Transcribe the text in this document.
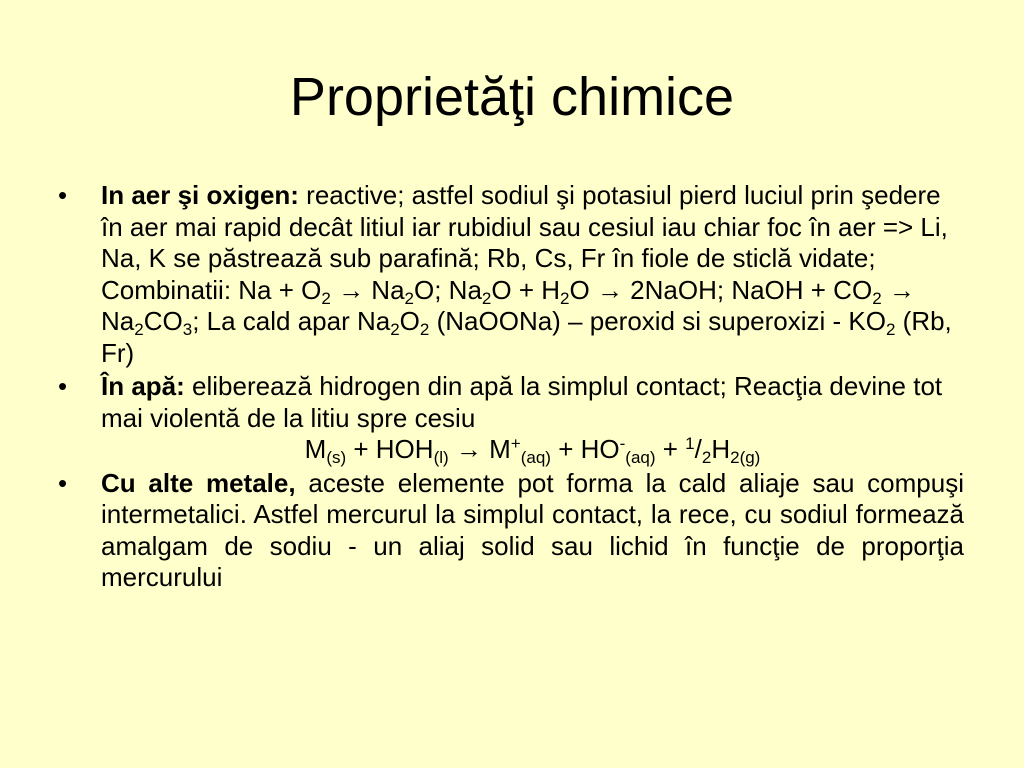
Proprietăţi chimice
• In aer şi oxigen: reactive; astfel sodiul şi potasiul pierd luciul prin şedere în aer mai rapid decât litiul iar rubidiul sau cesiul iau chiar foc în aer => Li, Na, K se păstrează sub parafină; Rb, Cs, Fr în fiole de sticlă vidate; Combinatii: $Na + O_2 \to Na_2O$; $Na_2O + H_2O$ → 2NaOH; NaOH + $CO_2 \to Na_2CO_3$; La cald apar $Na_2O_2$ (NaOONa) – peroxid si superoxizi - $KO_2$ (Rb, Fr)
• În apă: eliberează hidrogen din apă la simplul contact; Reacţia devine tot mai violentă de la litiu spre cesiu
$M_{(s)} + HOH_{(l)} \to M^+_{(aq)} + HO^-_{(aq)} + ^1/_2H_{2(g)}$
• Cu alte metale, aceste elemente pot forma la cald aliaje sau compuşi intermetalici. Astfel mercurul la simplul contact, la rece, cu sodiul formează amalgam de sodiu - un aliaj solid sau lichid în funcţie de proporţia mercurului
